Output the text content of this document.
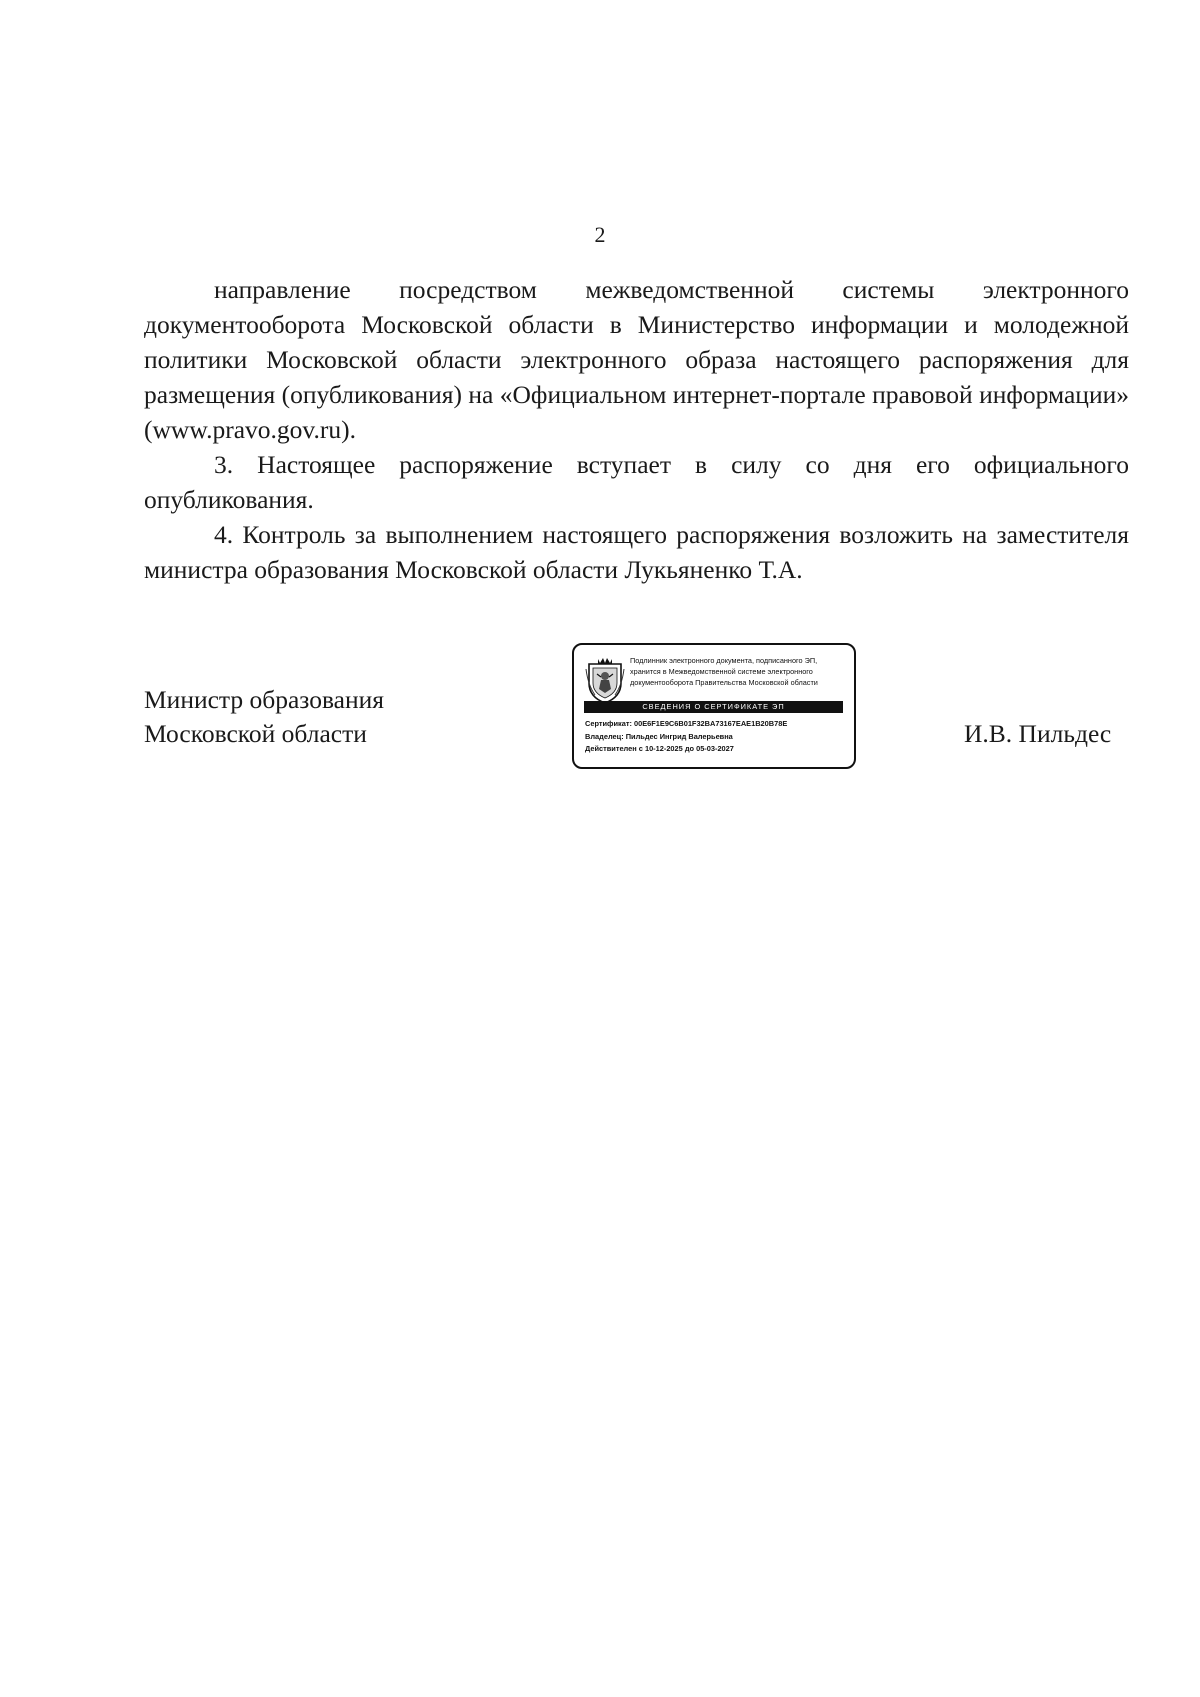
2

направление посредством межведомственной системы электронного документооборота Московской области в Министерство информации и молодежной политики Московской области электронного образа настоящего распоряжения для размещения (опубликования) на «Официальном интернет-портале правовой информации» (www.pravo.gov.ru).

3. Настоящее распоряжение вступает в силу со дня его официального опубликования.

4. Контроль за выполнением настоящего распоряжения возложить на заместителя министра образования Московской области Лукьяненко Т.А.

Министр образования
Московской области
Подлинник электронного документа, подписанного ЭП,
хранится в Межведомственной системе электронного
документооборота Правительства Московской области
СВЕДЕНИЯ О СЕРТИФИКАТЕ ЭП
Сертификат: 00E6F1E9C6B01F32BA73167EAE1B20B78E
Владелец: Пильдес Ингрид Валерьевна
Действителен с 10-12-2025 до 05-03-2027
И.В. Пильдес
